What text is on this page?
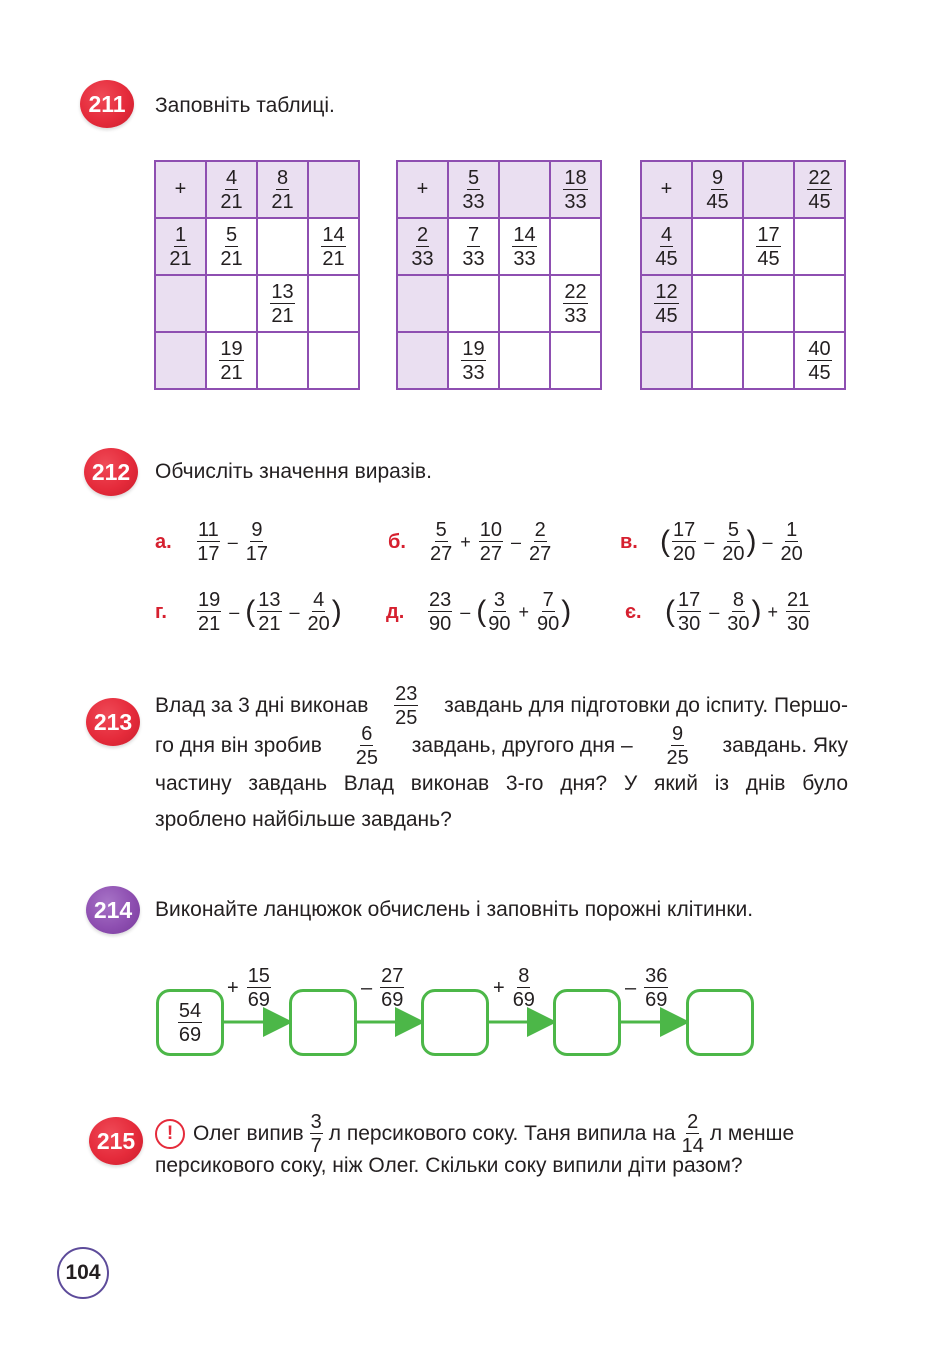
211 Заповніть таблиці.
+	$\frac{4}{21}$	$\frac{8}{21}$

$\frac{1}{21}$	$\frac{5}{21}$		$\frac{14}{21}$

		$\frac{13}{21}$

	$\frac{19}{21}$

+	$\frac{5}{33}$		$\frac{18}{33}$

$\frac{2}{33}$	$\frac{7}{33}$	$\frac{14}{33}$

			$\frac{22}{33}$

	$\frac{19}{33}$

+	$\frac{9}{45}$		$\frac{22}{45}$

$\frac{4}{45}$		$\frac{17}{45}$

$\frac{12}{45}$

			$\frac{40}{45}$
212 Обчисліть значення виразів.
а.	$\frac{11}{17} - \frac{9}{17}$	б.	$\frac{5}{27} + \frac{10}{27} - \frac{2}{27}$	в. ( $\frac{17}{20} - \frac{5}{20}$ ) – $\frac{1}{20}$
г.	$\frac{19}{21}$ – ( $\frac{13}{21} - \frac{4}{20}$ ) д.	$\frac{23}{90}$ – ( $\frac{3}{90} + \frac{7}{90}$ )	є. ( $\frac{17}{30} - \frac{8}{30}$ ) + $\frac{21}{30}$
213
Влад за 3 дні виконав $\frac{23}{25}$ завдань для підготовки до іспиту. Першо-
го дня він зробив $\frac{6}{25}$ завдань, другого дня – $\frac{9}{25}$ завдань. Яку
частину завдань Влад виконав 3-го дня? У який із днів було
зроблено найбільше завдань?
214 Виконайте ланцюжок обчислень і заповніть порожні клітинки.
$\frac{54}{69}$
+ $\frac{15}{69}$	– $\frac{27}{69}$	+ $\frac{8}{69}$	– $\frac{36}{69}$
215	! Олег випив $\frac{3}{7}$ л персикового соку. Таня випила на $\frac{2}{14}$ л менше
персикового соку, ніж Олег. Скільки соку випили діти разом?
104
